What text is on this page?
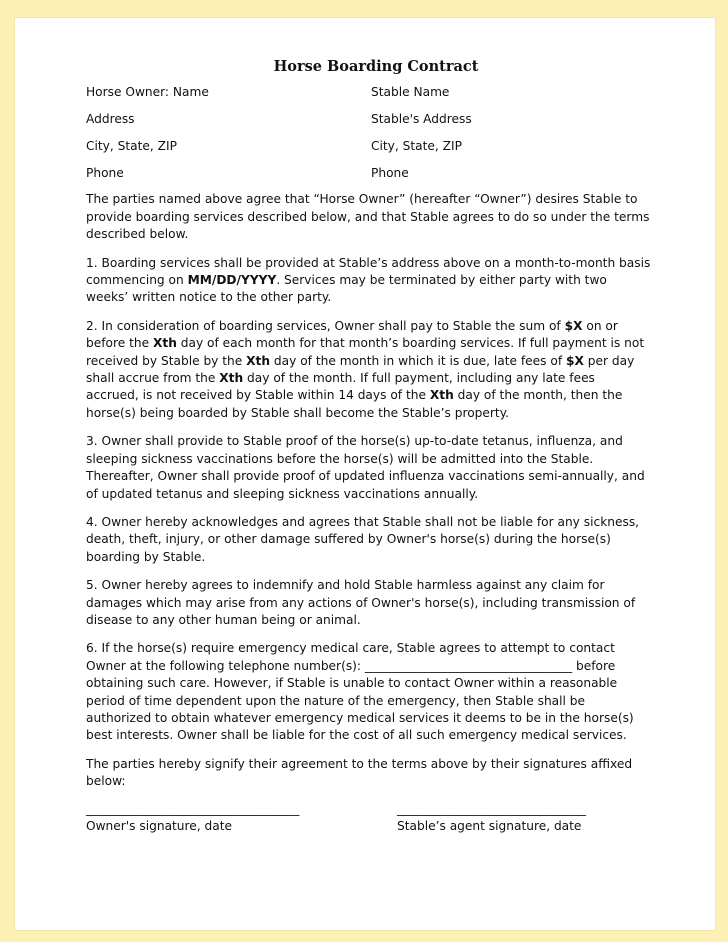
Horse Boarding Contract
Horse Owner: Name	Stable Name
Address	Stable's Address
City, State, ZIP	City, State, ZIP
Phone	Phone

The parties named above agree that “Horse Owner” (hereafter “Owner”) desires Stable to provide boarding services described below, and that Stable agrees to do so under the terms described below.

1. Boarding services shall be provided at Stable’s address above on a month-to-month basis commencing on MM/DD/YYYY. Services may be terminated by either party with two weeks’ written notice to the other party.

2. In consideration of boarding services, Owner shall pay to Stable the sum of $X on or before the Xth day of each month for that month’s boarding services. If full payment is not received by Stable by the Xth day of the month in which it is due, late fees of $X per day shall accrue from the Xth day of the month. If full payment, including any late fees accrued, is not received by Stable within 14 days of the Xth day of the month, then the horse(s) being boarded by Stable shall become the Stable’s property.

3. Owner shall provide to Stable proof of the horse(s) up-to-date tetanus, influenza, and sleeping sickness vaccinations before the horse(s) will be admitted into the Stable. Thereafter, Owner shall provide proof of updated influenza vaccinations semi-annually, and of updated tetanus and sleeping sickness vaccinations annually.

4. Owner hereby acknowledges and agrees that Stable shall not be liable for any sickness, death, theft, injury, or other damage suffered by Owner's horse(s) during the horse(s) boarding by Stable.

5. Owner hereby agrees to indemnify and hold Stable harmless against any claim for damages which may arise from any actions of Owner's horse(s), including transmission of disease to any other human being or animal.

6. If the horse(s) require emergency medical care, Stable agrees to attempt to contact Owner at the following telephone number(s): __________________________________ before obtaining such care. However, if Stable is unable to contact Owner within a reasonable period of time dependent upon the nature of the emergency, then Stable shall be authorized to obtain whatever emergency medical services it deems to be in the horse(s) best interests. Owner shall be liable for the cost of all such emergency medical services.

The parties hereby signify their agreement to the terms above by their signatures affixed below:

___________________________________
Owner's signature, date
_______________________________
Stable’s agent signature, date
